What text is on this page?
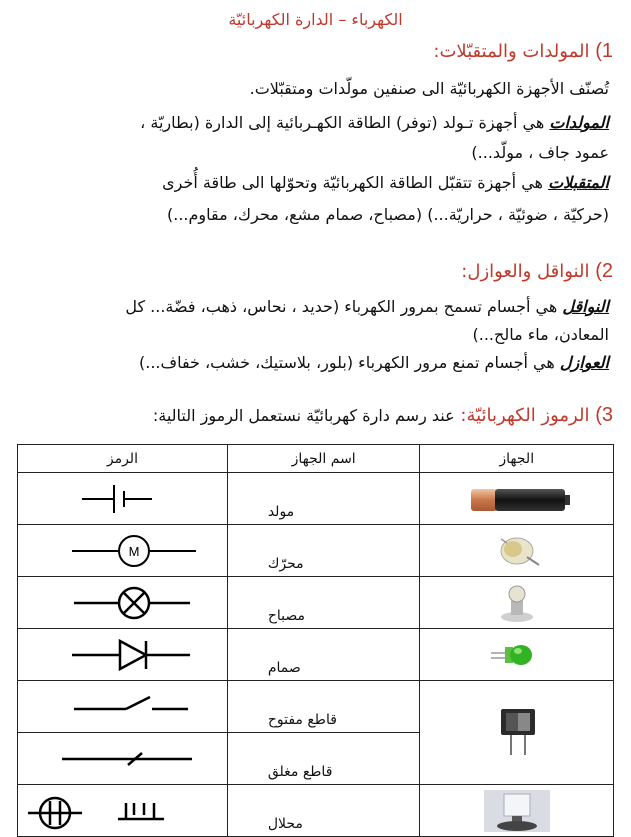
الكهرباء – الدارة الكهربائيّة
1) المولدات والمتقبّلات:
تُصنّف الأجهزة الكهربائيّة الى صنفين مولّدات ومتقبّلات.
المولدات هي أجهزة تـولد (توفر) الطاقة الكهـربائية إلى الدارة (بطاريّة ،
عمود جاف ، مولّد...)
المتقبلات هي أجهزة تتقبّل الطاقة الكهربائيّة وتحوّلها الى طاقة أُخرى
(حركيّة ، ضوئيّة ، حراريّة...) (مصباح، صمام مشع، محرك، مقاوم...)
2) النواقل والعوازل:
النواقل هي أجسام تسمح بمرور الكهرباء (حديد ، نحاس، ذهب، فضّة... كل
المعادن، ماء مالح...)
العوازل هي أجسام تمنع مرور الكهرباء (بلور، بلاستيك، خشب، خفاف...)
3) الرموز الكهربائيّة: عند رسم دارة كهربائيّة نستعمل الرموز التالية:
الجهاز	اسم الجهاز	الرمز

	مولد	

	محرّك	M

	مصباح	

	صمام	

	قاطع مفتوح	

	قاطع مغلق	

	محلال	
